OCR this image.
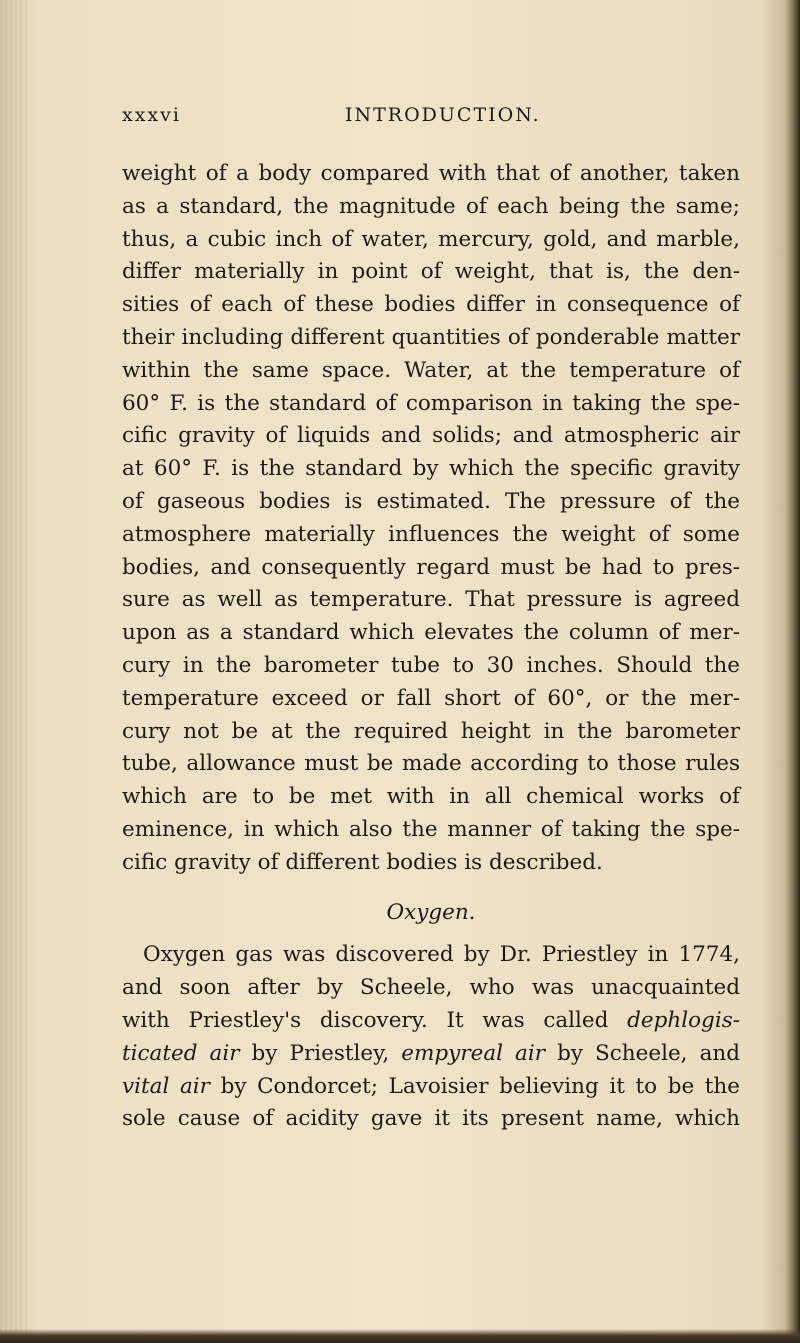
xxxvi	INTRODUCTION.
weight of a body compared with that of another, taken
as a standard, the magnitude of each being the same;
thus, a cubic inch of water, mercury, gold, and marble,
differ materially in point of weight, that is, the den-
sities of each of these bodies differ in consequence of
their including different quantities of ponderable matter
within the same space. Water, at the temperature of
60° F. is the standard of comparison in taking the spe-
cific gravity of liquids and solids; and atmospheric air
at 60° F. is the standard by which the specific gravity
of gaseous bodies is estimated. The pressure of the
atmosphere materially influences the weight of some
bodies, and consequently regard must be had to pres-
sure as well as temperature. That pressure is agreed
upon as a standard which elevates the column of mer-
cury in the barometer tube to 30 inches. Should the
temperature exceed or fall short of 60°, or the mer-
cury not be at the required height in the barometer
tube, allowance must be made according to those rules
which are to be met with in all chemical works of
eminence, in which also the manner of taking the spe-
cific gravity of different bodies is described.
Oxygen.
Oxygen gas was discovered by Dr. Priestley in 1774,
and soon after by Scheele, who was unacquainted
with Priestley's discovery. It was called dephlogis-
ticated air by Priestley, empyreal air by Scheele, and
vital air by Condorcet; Lavoisier believing it to be the
sole cause of acidity gave it its present name, which
